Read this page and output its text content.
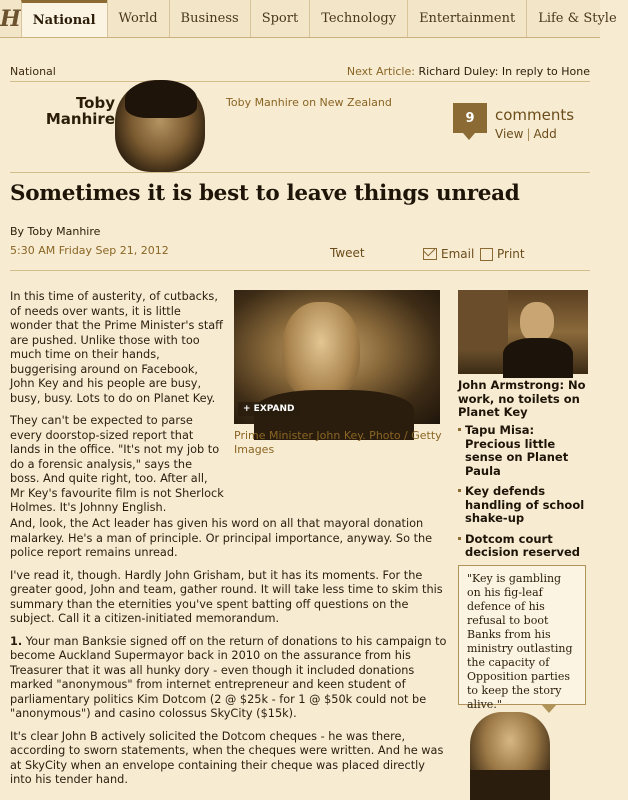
H National	World	Business	Sport	Technology	Entertainment	Life & Style
National	Next Article: Richard Duley: In reply to Hone
Toby
Manhire
Toby Manhire on New Zealand
9	comments
View | Add
Sometimes it is best to leave things unread
By Toby Manhire
5:30 AM Friday Sep 21, 2012	Tweet	Email Print

In this time of austerity, of cutbacks, of needs over wants, it is little wonder that the Prime Minister's staff are pushed. Unlike those with too much time on their hands, buggerising around on Facebook, John Key and his people are busy, busy, busy. Lots to do on Planet Key.

They can't be expected to parse every doorstop-sized report that lands in the office. "It's not my job to do a forensic analysis," says the boss. And quite right, too. After all, Mr Key's favourite film is not Sherlock Holmes. It's Johnny English.

+ EXPAND
Prime Minister John Key. Photo / Getty Images

And, look, the Act leader has given his word on all that mayoral donation malarkey. He's a man of principle. Or principal importance, anyway. So the police report remains unread.

I've read it, though. Hardly John Grisham, but it has its moments. For the greater good, John and team, gather round. It will take less time to skim this summary than the eternities you've spent batting off questions on the subject. Call it a citizen-initiated memorandum.

1. Your man Banksie signed off on the return of donations to his campaign to become Auckland Supermayor back in 2010 on the assurance from his Treasurer that it was all hunky dory - even though it included donations marked "anonymous" from internet entrepreneur and keen student of parliamentary politics Kim Dotcom (2 @ $25k - for 1 @ $50k could not be "anonymous") and casino colossus SkyCity ($15k).

It's clear John B actively solicited the Dotcom cheques - he was there, according to sworn statements, when the cheques were written. And he was at SkyCity when an envelope containing their cheque was placed directly into his tender hand.

John Armstrong: No work, no toilets on Planet Key
Tapu Misa: Precious little sense on Planet Paula
Key defends handling of school shake-up
Dotcom court decision reserved
"Key is gambling on his fig-leaf defence of his refusal to boot Banks from his ministry outlasting the capacity of Opposition parties to keep the story alive."
